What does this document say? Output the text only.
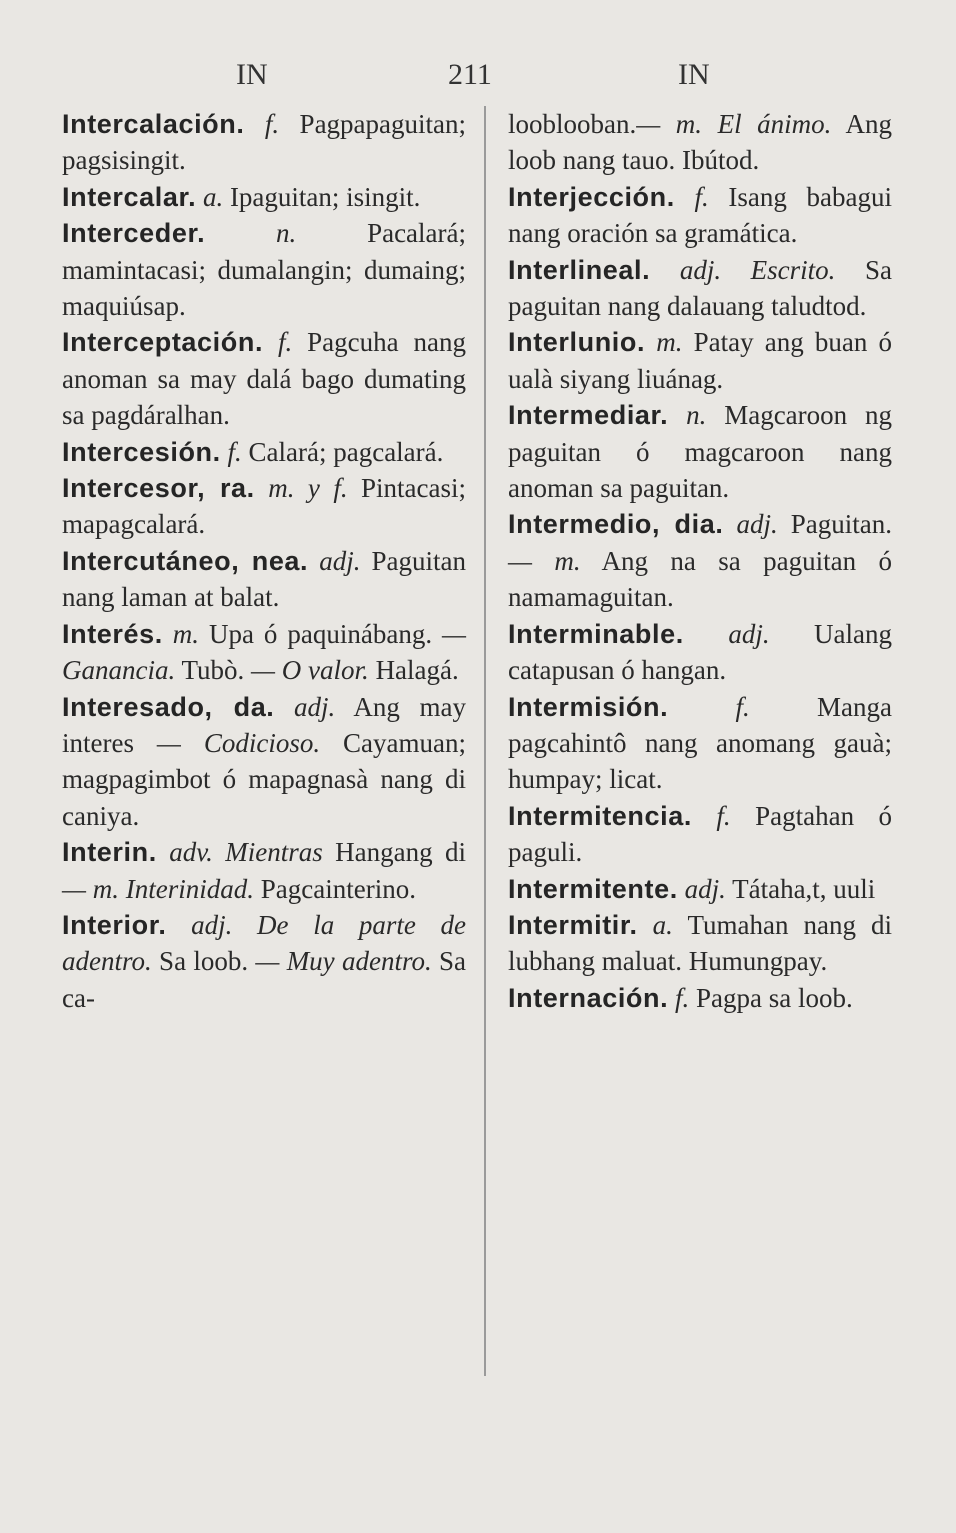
IN	211	IN

Intercalación. f. Pagpapaguitan; pagsisingit.

Intercalar. a. Ipaguitan; isingit.

Interceder.	n.	Pacalará; mamintacasi; dumalangin; dumaing; maquiúsap.

Interceptación. f. Pagcuha nang anoman sa may dalá bago dumating sa pagdáralhan.

Intercesión. f. Calará; pagcalará.

Intercesor, ra. m. y f. Pintacasi; mapagcalará.

Intercutáneo, nea. adj. Paguitan nang laman at balat.

Interés. m. Upa ó paquinábang. — Ganancia. Tubò. — O valor. Halagá.

Interesado, da. adj. Ang may interes — Codicioso. Cayamuan; magpagimbot ó mapagnasà nang di caniya.

Interin. adv. Mientras Hangang di — m. Interinidad. Pagcainterino.

Interior. adj. De la parte de adentro. Sa loob. — Muy adentro. Sa ca-

looblooban.— m. El ánimo. Ang loob nang tauo. Ibútod.

Interjección. f. Isang babagui nang oración sa gramática.

Interlineal. adj. Escrito. Sa paguitan nang dalauang taludtod.

Interlunio. m. Patay ang buan ó ualà siyang liuánag.

Intermediar. n. Magcaroon ng paguitan ó magcaroon nang anoman sa paguitan.

Intermedio, dia. adj. Paguitan. — m. Ang na sa paguitan ó namamaguitan.

Interminable. adj. Ualang catapusan ó hangan.

Intermisión. f. Manga pagcahintô nang anomang gauà; humpay; licat.

Intermitencia. f. Pagtahan ó paguli.

Intermitente. adj. Tátaha,t, uuli

Intermitir. a. Tumahan nang di lubhang maluat. Humungpay.

Internación. f. Pagpa sa loob.
